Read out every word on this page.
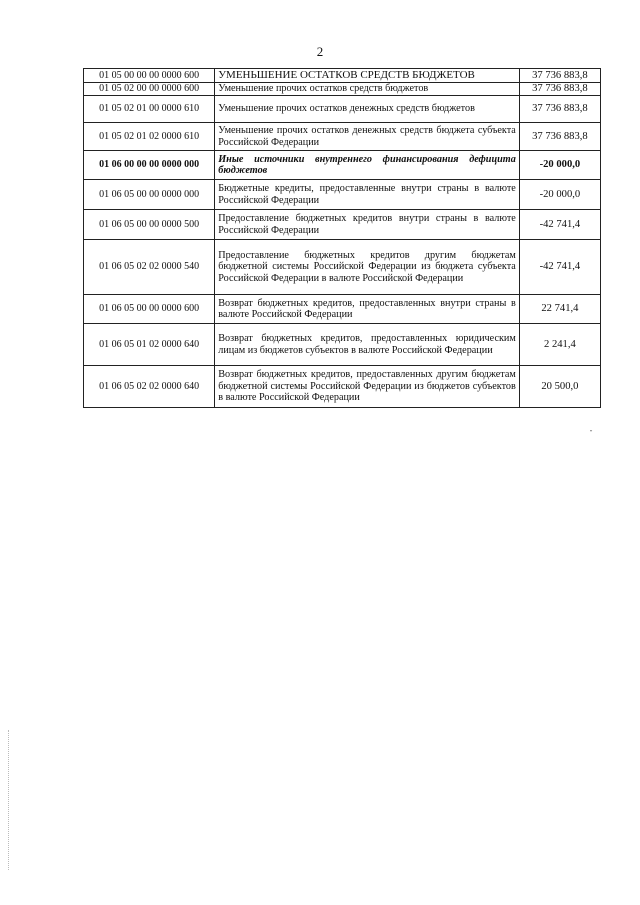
2
01 05 00 00 00 0000 600	УМЕНЬШЕНИЕ ОСТАТКОВ СРЕДСТВ БЮДЖЕТОВ	37 736 883,8
01 05 02 00 00 0000 600	Уменьшение прочих остатков средств бюджетов	37 736 883,8
01 05 02 01 00 0000 610	Уменьшение прочих остатков денежных средств бюджетов	37 736 883,8
01 05 02 01 02 0000 610	Уменьшение прочих остатков денежных средств бюджета субъекта Российской Федерации	37 736 883,8
01 06 00 00 00 0000 000	Иные источники внутреннего финансирования дефицита бюджетов	-20 000,0
01 06 05 00 00 0000 000	Бюджетные кредиты, предоставленные внутри страны в валюте Российской Федерации	-20 000,0
01 06 05 00 00 0000 500	Предоставление бюджетных кредитов внутри страны в валюте Российской Федерации	-42 741,4
01 06 05 02 02 0000 540	Предоставление бюджетных кредитов другим бюджетам бюджетной системы Российской Федерации из бюджета субъекта Российской Федерации в валюте Российской Федерации	-42 741,4
01 06 05 00 00 0000 600	Возврат бюджетных кредитов, предоставленных внутри страны в валюте Российской Федерации	22 741,4
01 06 05 01 02 0000 640	Возврат бюджетных кредитов, предоставленных юридическим лицам из бюджетов субъектов в валюте Российской Федерации	2 241,4
01 06 05 02 02 0000 640	Возврат бюджетных кредитов, предоставленных другим бюджетам бюджетной системы Российской Федерации из бюджетов субъектов в валюте Российской Федерации	20 500,0
"
